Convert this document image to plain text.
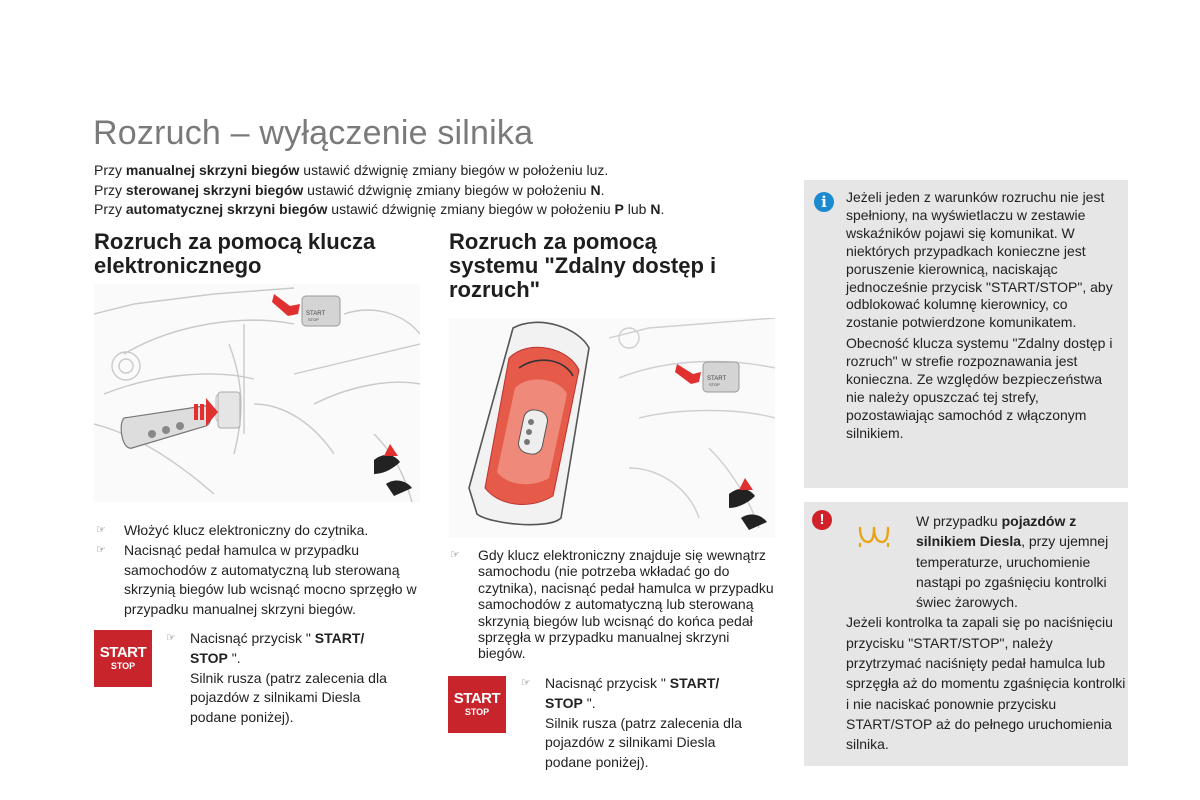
Rozruch – wyłączenie silnika
Przy manualnej skrzyni biegów ustawić dźwignię zmiany biegów w położeniu luz.
Przy sterowanej skrzyni biegów ustawić dźwignię zmiany biegów w położeniu N.
Przy automatycznej skrzyni biegów ustawić dźwignię zmiany biegów w położeniu P lub N.
Rozruch za pomocą klucza
elektronicznego
START
STOP
☞ Włożyć klucz elektroniczny do czytnika.
☞ Nacisnąć pedał hamulca w przypadku samochodów z automatyczną lub sterowaną skrzynią biegów lub wcisnąć mocno sprzęgło w przypadku manualnej skrzyni biegów.
START
STOP
☞ Nacisnąć przycisk " START/ STOP ".
Silnik rusza (patrz zalecenia dla pojazdów z silnikami Diesla podane poniżej).
Rozruch za pomocą
systemu "Zdalny dostęp i
rozruch"
START
STOP
☞ Gdy klucz elektroniczny znajduje się wewnątrz samochodu (nie potrzeba wkładać go do czytnika), nacisnąć pedał hamulca w przypadku samochodów z automatyczną lub sterowaną skrzynią biegów lub wcisnąć do końca pedał sprzęgła w przypadku manualnej skrzyni biegów.
START
STOP
☞ Nacisnąć przycisk " START/ STOP ".
Silnik rusza (patrz zalecenia dla pojazdów z silnikami Diesla podane poniżej).
i	Jeżeli jeden z warunków rozruchu nie jest spełniony, na wyświetlaczu w zestawie wskaźników pojawi się komunikat. W niektórych przypadkach konieczne jest poruszenie kierownicą, naciskając jednocześnie przycisk "START/STOP", aby odblokować kolumnę kierownicy, co zostanie potwierdzone komunikatem.
Obecność klucza systemu "Zdalny dostęp i rozruch" w strefie rozpoznawania jest konieczna. Ze względów bezpieczeństwa nie należy opuszczać tej strefy, pozostawiając samochód z włączonym silnikiem.
!	W przypadku pojazdów z silnikiem Diesla, przy ujemnej temperaturze, uruchomienie nastąpi po zgaśnięciu kontrolki świec żarowych.
Jeżeli kontrolka ta zapali się po naciśnięciu przycisku "START/STOP", należy przytrzymać naciśnięty pedał hamulca lub sprzęgła aż do momentu zgaśnięcia kontrolki i nie naciskać ponownie przycisku START/STOP aż do pełnego uruchomienia silnika.
